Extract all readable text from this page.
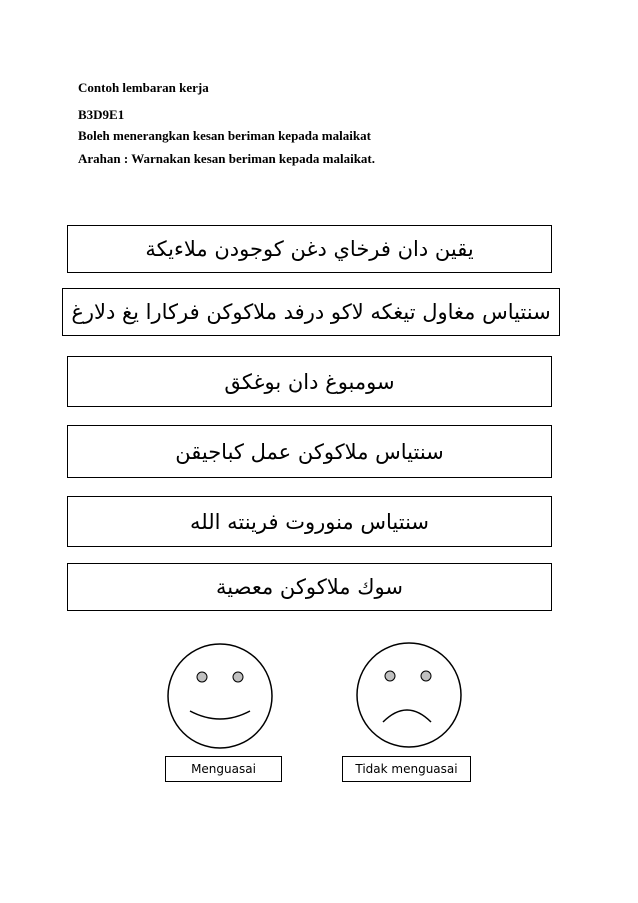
Contoh lembaran kerja
B3D9E1
Boleh menerangkan kesan beriman kepada malaikat
Arahan : Warnakan kesan beriman kepada malaikat.
يقين دان فرخاي دغن كوجودن ملاءيكة
سنتياس مغاول تيغكه لاكو درفد ملاكوكن فركارا يغ دلارغ
سومبوغ دان بوغكق
سنتياس ملاكوكن عمل كباجيقن
سنتياس منوروت فرينته الله
سوك ملاكوكن معصية
Menguasai	Tidak menguasai
